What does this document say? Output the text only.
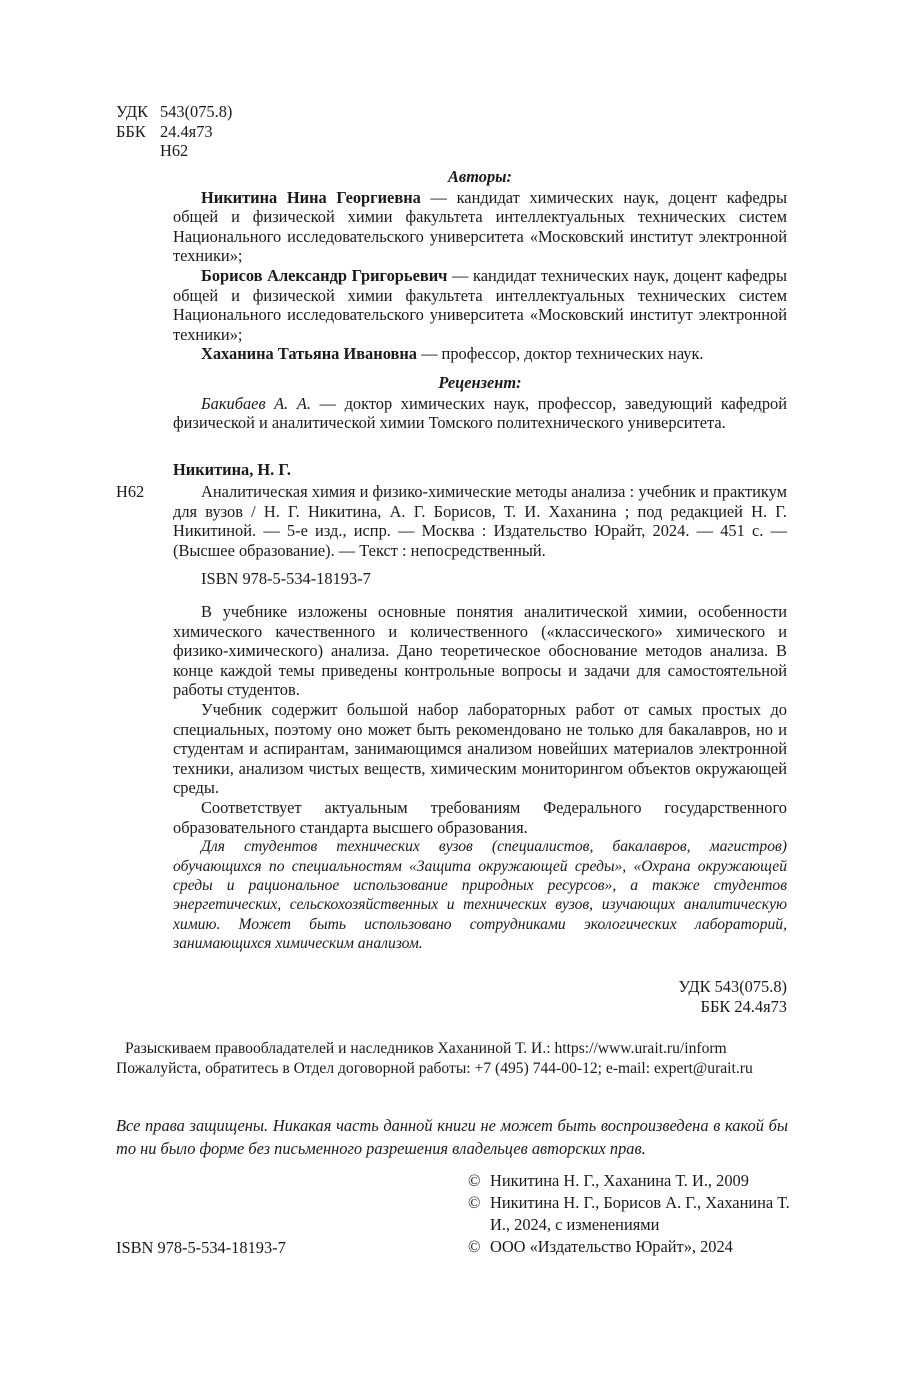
УДК 543(075.8)
ББК 24.4я73
Н62
Авторы:
Никитина Нина Георгиевна — кандидат химических наук, доцент кафедры общей и физической химии факультета интеллектуальных технических систем Национального исследовательского университета «Московский институт электронной техники»;
Борисов Александр Григорьевич — кандидат технических наук, доцент кафедры общей и физической химии факультета интеллектуальных технических систем Национального исследовательского университета «Московский институт электронной техники»;
Хаханина Татьяна Ивановна — профессор, доктор технических наук.
Рецензент:
Бакибаев А. А. — доктор химических наук, профессор, заведующий кафедрой физической и аналитической химии Томского политехнического университета.
Никитина, Н. Г.
Н62	Аналитическая химия и физико-химические методы анализа : учебник и практикум для вузов / Н. Г. Никитина, А. Г. Борисов, Т. И. Хаханина ; под редакцией Н. Г. Никитиной. — 5-е изд., испр. — Москва : Издательство Юрайт, 2024. — 451 с. — (Высшее образование). — Текст : непосредственный.
ISBN 978-5-534-18193-7
В учебнике изложены основные понятия аналитической химии, особенности химического качественного и количественного («классического» химического и физико-химического) анализа. Дано теоретическое обоснование методов анализа. В конце каждой темы приведены контрольные вопросы и задачи для самостоятельной работы студентов.
Учебник содержит большой набор лабораторных работ от самых простых до специальных, поэтому оно может быть рекомендовано не только для бакалавров, но и студентам и аспирантам, занимающимся анализом новейших материалов электронной техники, анализом чистых веществ, химическим мониторингом объектов окружающей среды.
Соответствует актуальным требованиям Федерального государственного образовательного стандарта высшего образования.
Для студентов технических вузов (специалистов, бакалавров, магистров) обучающихся по специальностям «Защита окружающей среды», «Охрана окружающей среды и рациональное использование природных ресурсов», а также студентов энергетических, сельскохозяйственных и технических вузов, изучающих аналитическую химию. Может быть использовано сотрудниками экологических лабораторий, занимающихся химическим анализом.
УДК 543(075.8)
ББК 24.4я73
Разыскиваем правообладателей и наследников Хаханиной Т. И.: https://www.urait.ru/inform
Пожалуйста, обратитесь в Отдел договорной работы: +7 (495) 744-00-12; e-mail: expert@urait.ru
Все права защищены. Никакая часть данной книги не может быть воспроизведена в какой бы то ни было форме без письменного разрешения владельцев авторских прав.
ISBN 978-5-534-18193-7
© Никитина Н. Г., Хаханина Т. И., 2009
© Никитина Н. Г., Борисов А. Г., Хаханина Т. И., 2024, с изменениями
© ООО «Издательство Юрайт», 2024
